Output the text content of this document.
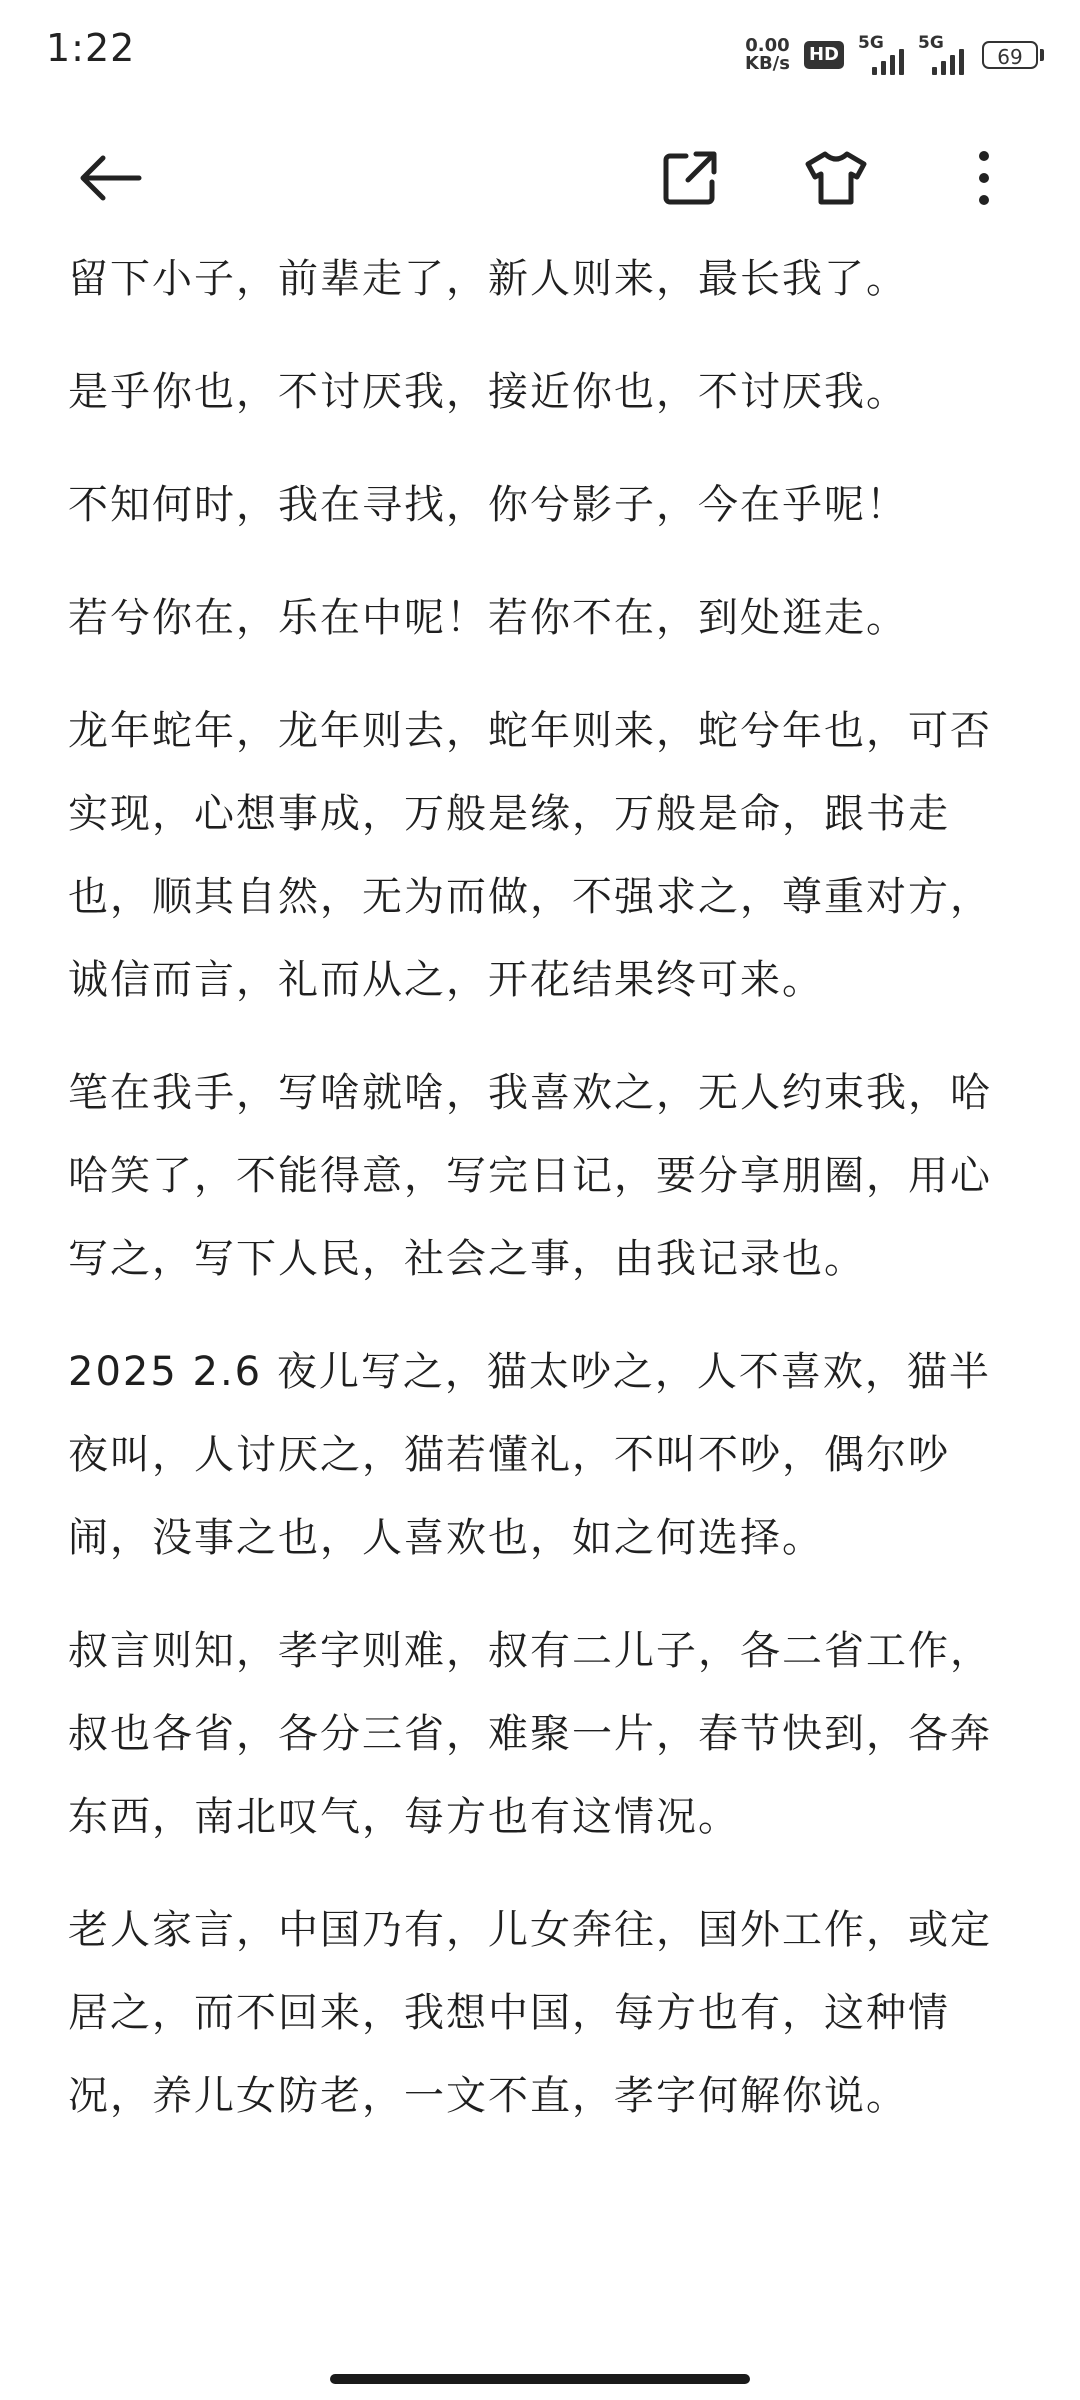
1:22	0.00
KB/s HD
5G 5G
69

留下小子，前辈走了，新人则来，最长我了。

是乎你也，不讨厌我，接近你也，不讨厌我。

不知何时，我在寻找，你兮影子，今在乎呢！

若兮你在，乐在中呢！若你不在，到处逛走。

龙年蛇年，龙年则去，蛇年则来，蛇兮年也，可否实现，心想事成，万般是缘，万般是命，跟书走也，顺其自然，无为而做，不强求之，尊重对方，诚信而言，礼而从之，开花结果终可来。

笔在我手，写啥就啥，我喜欢之，无人约束我，哈哈笑了，不能得意，写完日记，要分享朋圈，用心写之，写下人民，社会之事，由我记录也。

2025 2.6 夜儿写之，猫太吵之，人不喜欢，猫半夜叫，人讨厌之，猫若懂礼，不叫不吵，偶尔吵闹，没事之也，人喜欢也，如之何选择。

叔言则知，孝字则难，叔有二儿子，各二省工作，叔也各省，各分三省，难聚一片，春节快到，各奔东西，南北叹气，每方也有这情况。

老人家言，中国乃有，儿女奔往，国外工作，或定居之，而不回来，我想中国，每方也有，这种情况，养儿女防老，一文不直，孝字何解你说。
